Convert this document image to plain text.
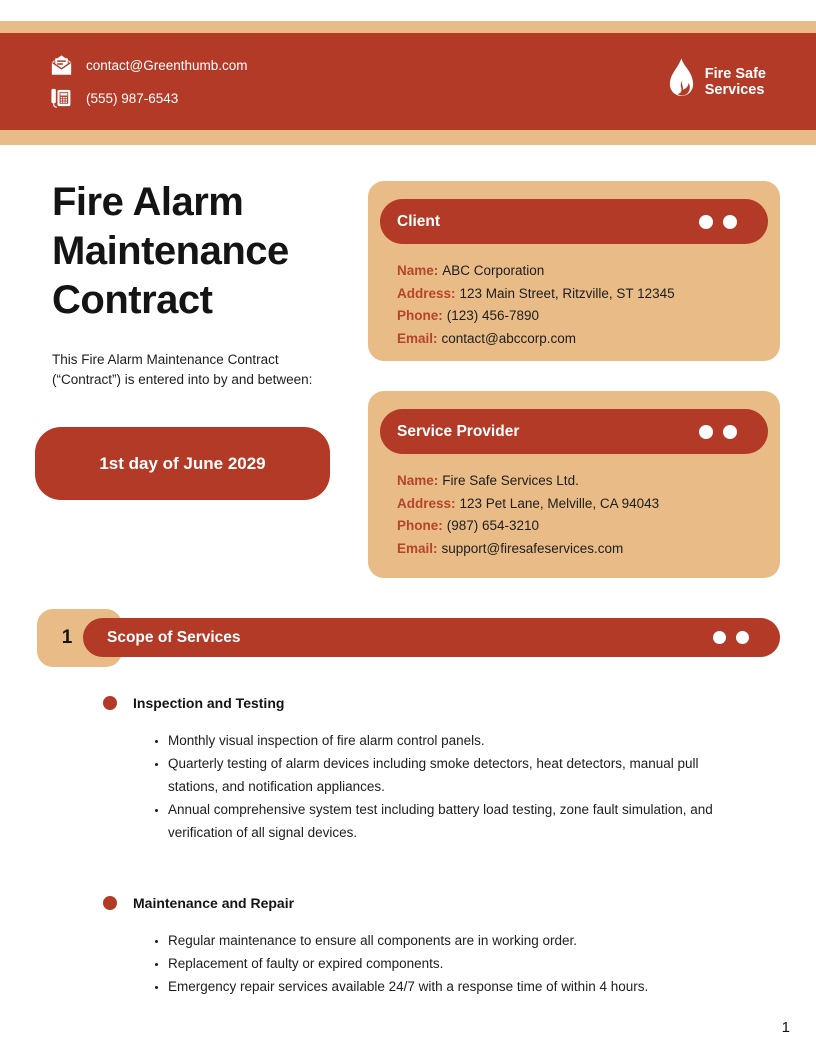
contact@Greenthumb.com
(555) 987-6543
Fire Safe
Services
Fire Alarm Maintenance Contract

This Fire Alarm Maintenance Contract (“Contract”) is entered into by and between:

1st day of June 2029
Client
Name: ABC Corporation
Address: 123 Main Street, Ritzville, ST 12345
Phone: (123) 456-7890
Email: contact@abccorp.com
Service Provider
Name: Fire Safe Services Ltd.
Address: 123 Pet Lane, Melville, CA 94043
Phone: (987) 654-3210
Email: support@firesafeservices.com
1	Scope of Services
Inspection and Testing
• Monthly visual inspection of fire alarm control panels.
• Quarterly testing of alarm devices including smoke detectors, heat detectors, manual pull stations, and notification appliances.
• Annual comprehensive system test including battery load testing, zone fault simulation, and verification of all signal devices.
Maintenance and Repair
• Regular maintenance to ensure all components are in working order.
• Replacement of faulty or expired components.
• Emergency repair services available 24/7 with a response time of within 4 hours.
1
